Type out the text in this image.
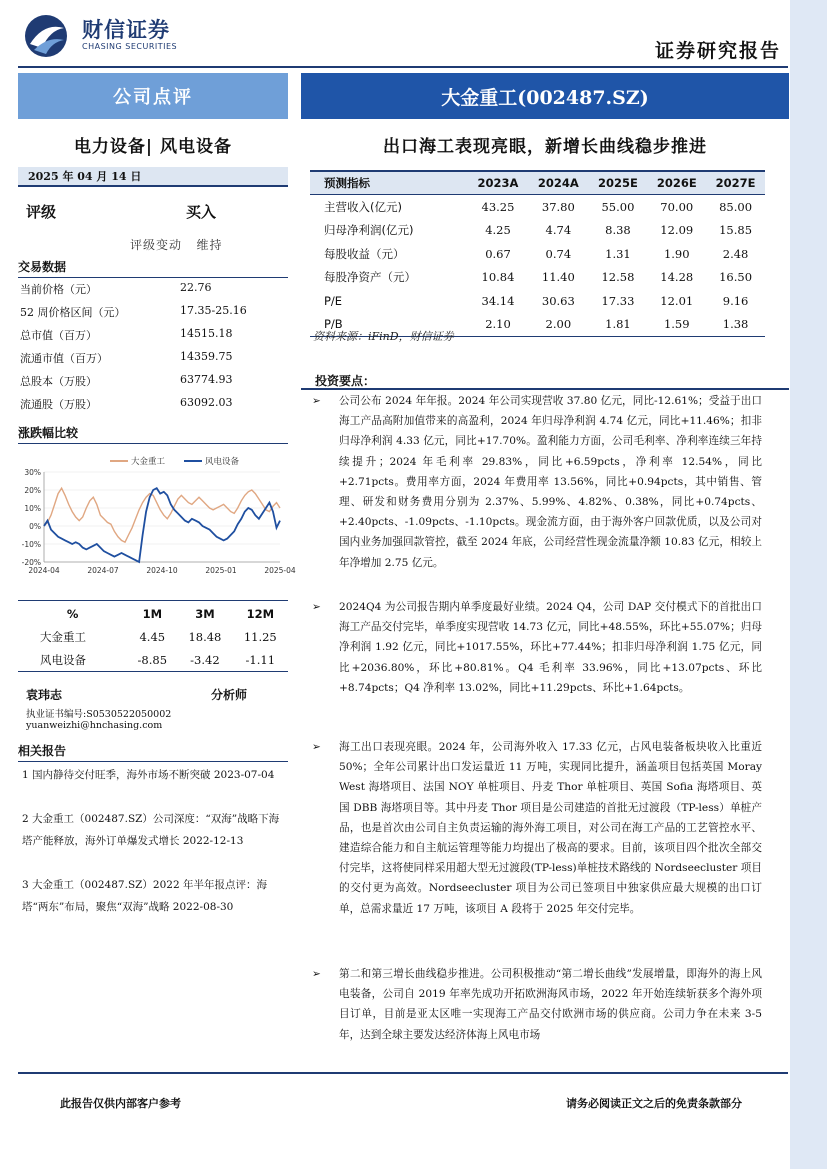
财信证券
CHASING SECURITIES	证券研究报告
公司点评	大金重工(002487.SZ)
电力设备| 风电设备	出口海工表现亮眼，新增长曲线稳步推进
2025 年 04 月 14 日
评级	买入
评级变动 维持
交易数据
当前价格（元）	22.76
52 周价格区间（元）	17.35-25.16
总市值（百万）	14515.18
流通市值（百万）	14359.75
总股本（万股）	63774.93
流通股（万股）	63092.03
涨跌幅比较
30%
20%
10%
0%
-10%
-20%
2024-04	2024-07	2024-10	2025-01	2025-04
大金重工	风电设备
%	1M	3M	12M
大金重工	4.45	18.48	11.25
风电设备	-8.85	-3.42	-1.11
袁玮志	分析师
执业证书编号:S0530522050002
yuanweizhi@hnchasing.com
相关报告
1 国内静待交付旺季，海外市场不断突破 2023-07-04
2 大金重工（002487.SZ）公司深度：“双海”战略下海塔产能释放，海外订单爆发式增长 2022-12-13
3 大金重工（002487.SZ）2022 年半年报点评：海塔“两东”布局，聚焦“双海”战略 2022-08-30
预测指标	2023A	2024A	2025E	2026E	2027E
主营收入(亿元)	43.25	37.80	55.00	70.00	85.00
归母净利润(亿元)	4.25	4.74	8.38	12.09	15.85
每股收益（元）	0.67	0.74	1.31	1.90	2.48
每股净资产（元）	10.84	11.40	12.58	14.28	16.50
P/E	34.14	30.63	17.33	12.01	9.16
P/B	2.10	2.00	1.81	1.59	1.38
资料来源：iFinD，财信证券
投资要点：
➢ 公司公布 2024 年年报。2024 年公司实现营收 37.80 亿元，同比-12.61%；受益于出口海工产品高附加值带来的高盈利，2024 年归母净利润 4.74 亿元，同比+11.46%；扣非归母净利润 4.33 亿元，同比+17.70%。盈利能力方面，公司毛利率、净利率连续三年持续提升；2024 年毛利率 29.83%，同比+6.59pcts，净利率 12.54%，同比+2.71pcts。费用率方面，2024 年费用率 13.56%，同比+0.94pcts，其中销售、管理、研发和财务费用分别为 2.37%、5.99%、4.82%、0.38%，同比+0.74pcts、+2.40pcts、-1.09pcts、-1.10pcts。现金流方面，由于海外客户回款优质，以及公司对国内业务加强回款管控，截至 2024 年底，公司经营性现金流量净额 10.83 亿元，相较上年净增加 2.75 亿元。

➢ 2024Q4 为公司报告期内单季度最好业绩。2024 Q4，公司 DAP 交付模式下的首批出口海工产品交付完毕，单季度实现营收 14.73 亿元，同比+48.55%，环比+55.07%；归母净利润 1.92 亿元，同比+1017.55%，环比+77.44%；扣非归母净利润 1.75 亿元，同比+2036.80%，环比+80.81%。Q4 毛利率 33.96%，同比+13.07pcts、环比+8.74pcts；Q4 净利率 13.02%，同比+11.29pcts、环比+1.64pcts。

➢ 海工出口表现亮眼。2024 年，公司海外收入 17.33 亿元，占风电装备板块收入比重近 50%；全年公司累计出口发运量近 11 万吨，实现同比提升，涵盖项目包括英国 Moray West 海塔项目、法国 NOY 单桩项目、丹麦 Thor 单桩项目、英国 Sofia 海塔项目、英国 DBB 海塔项目等。其中丹麦 Thor 项目是公司建造的首批无过渡段（TP-less）单桩产品，也是首次由公司自主负责运输的海外海工项目，对公司在海工产品的工艺管控水平、建造综合能力和自主航运管理等能力均提出了极高的要求。目前，该项目四个批次全部交付完毕，这将使同样采用超大型无过渡段(TP-less)单桩技术路线的 Nordseecluster 项目的交付更为高效。Nordseecluster 项目为公司已签项目中独家供应最大规模的出口订单，总需求量近 17 万吨，该项目 A 段将于 2025 年交付完毕。

➢ 第二和第三增长曲线稳步推进。公司积极推动“第二增长曲线”发展增量，即海外的海上风电装备，公司自 2019 年率先成功开拓欧洲海风市场，2022 年开始连续斩获多个海外项目订单，目前是亚太区唯一实现海工产品交付欧洲市场的供应商。公司力争在未来 3-5 年，达到全球主要发达经济体海上风电市场

此报告仅供内部客户参考	请务必阅读正文之后的免责条款部分
